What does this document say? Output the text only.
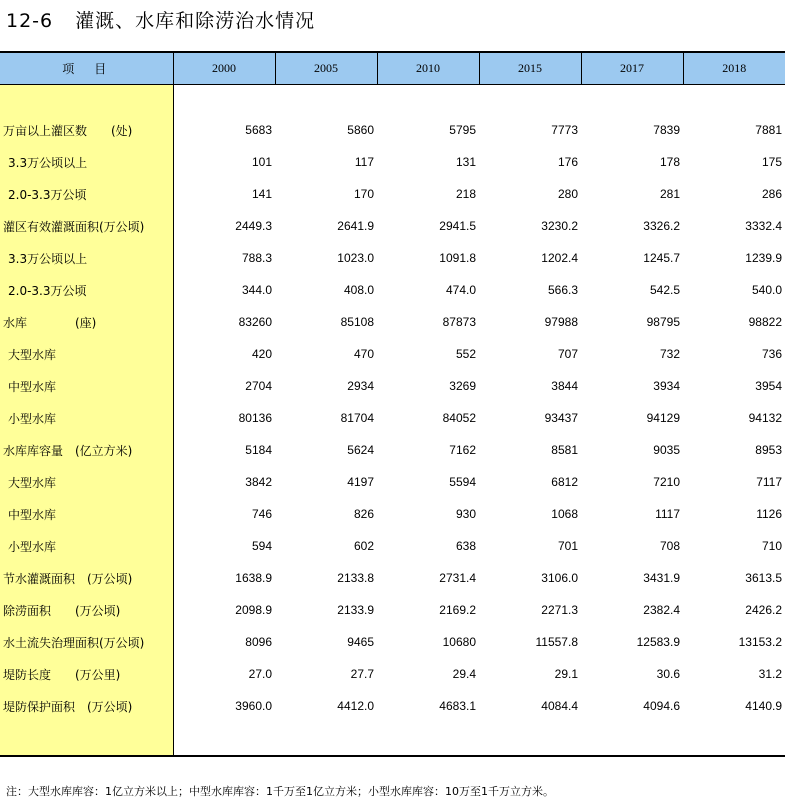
12-6 灌溉、水库和除涝治水情况
项　目	2000	2005	2010	2015	2017	2018

万亩以上灌区数　　(处)	5683	5860	5795	7773	7839	7881
3.3万公顷以上	101	117	131	176	178	175
2.0-3.3万公顷	141	170	218	280	281	286
灌区有效灌溉面积(万公顷)	2449.3	2641.9	2941.5	3230.2	3326.2	3332.4
3.3万公顷以上	788.3	1023.0	1091.8	1202.4	1245.7	1239.9
2.0-3.3万公顷	344.0	408.0	474.0	566.3	542.5	540.0
水库　　　　(座)	83260	85108	87873	97988	98795	98822
大型水库	420	470	552	707	732	736
中型水库	2704	2934	3269	3844	3934	3954
小型水库	80136	81704	84052	93437	94129	94132
水库库容量　(亿立方米)	5184	5624	7162	8581	9035	8953
大型水库	3842	4197	5594	6812	7210	7117
中型水库	746	826	930	1068	1117	1126
小型水库	594	602	638	701	708	710
节水灌溉面积　(万公顷)	1638.9	2133.8	2731.4	3106.0	3431.9	3613.5
除涝面积　　(万公顷)	2098.9	2133.9	2169.2	2271.3	2382.4	2426.2
水土流失治理面积(万公顷)	8096	9465	10680	11557.8	12583.9	13153.2
堤防长度　　(万公里)	27.0	27.7	29.4	29.1	30.6	31.2
堤防保护面积　(万公顷)	3960.0	4412.0	4683.1	4084.4	4094.6	4140.9

注：大型水库库容：1亿立方米以上；中型水库库容：1千万至1亿立方米；小型水库库容：10万至1千万立方米。
